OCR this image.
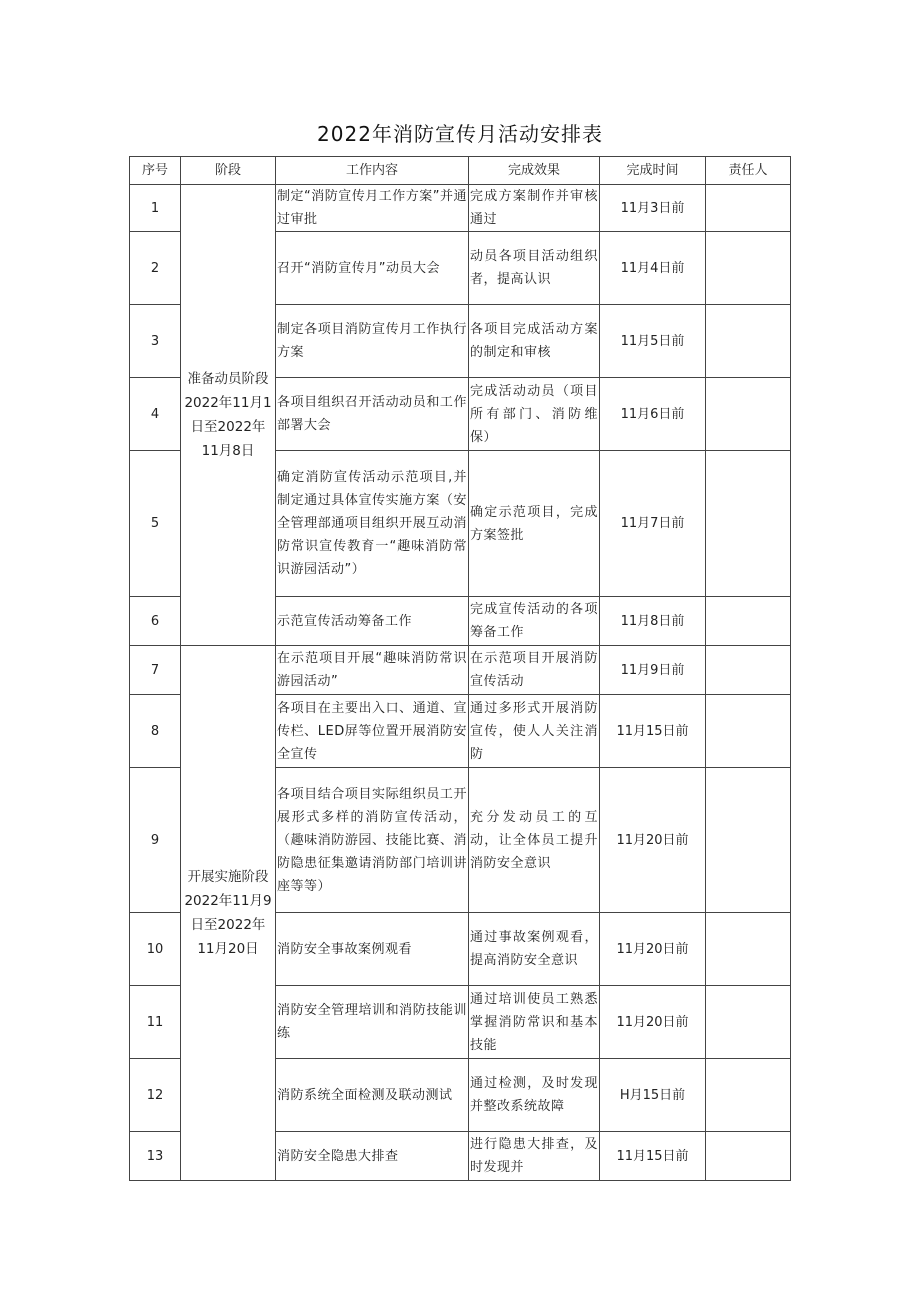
2022年消防宣传月活动安排表
序号	阶段	工作内容	完成效果	完成时间	责任人
1	准备动员阶段2022年11月1日至2022年11月8日	制定“消防宣传月工作方案”并通过审批	完成方案制作并审核通过	11月3日前	
2		召开“消防宣传月”动员大会	动员各项目活动组织者，提高认识	11月4日前	
3		制定各项目消防宣传月工作执行方案	各项目完成活动方案的制定和审核	11月5日前	
4		各项目组织召开活动动员和工作部署大会	完成活动动员（项目所有部门、消防维保）	11月6日前	
5		确定消防宣传活动示范项目,并制定通过具体宣传实施方案（安全管理部通项目组织开展互动消防常识宣传教育一“趣味消防常识游园活动”）	确定示范项目，完成方案签批	11月7日前	
6		示范宣传活动筹备工作	完成宣传活动的各项筹备工作	11月8日前	
7	开展实施阶段2022年11月9日至2022年11月20日	在示范项目开展“趣味消防常识游园活动”	在示范项目开展消防宣传活动	11月9日前	
8		各项目在主要出入口、通道、宣传栏、LED屏等位置开展消防安全宣传	通过多形式开展消防宣传，使人人关注消防	11月15日前	
9		各项目结合项目实际组织员工开展形式多样的消防宣传活动，（趣味消防游园、技能比赛、消防隐患征集邀请消防部门培训讲座等等）	充分发动员工的互动，让全体员工提升消防安全意识	11月20日前	
10		消防安全事故案例观看	通过事故案例观看，提高消防安全意识	11月20日前	
11		消防安全管理培训和消防技能训练	通过培训使员工熟悉掌握消防常识和基本技能	11月20日前	
12		消防系统全面检测及联动测试	通过检测，及时发现并整改系统故障	H月15日前	
13		消防安全隐患大排查	进行隐患大排查，及时发现并	11月15日前	
